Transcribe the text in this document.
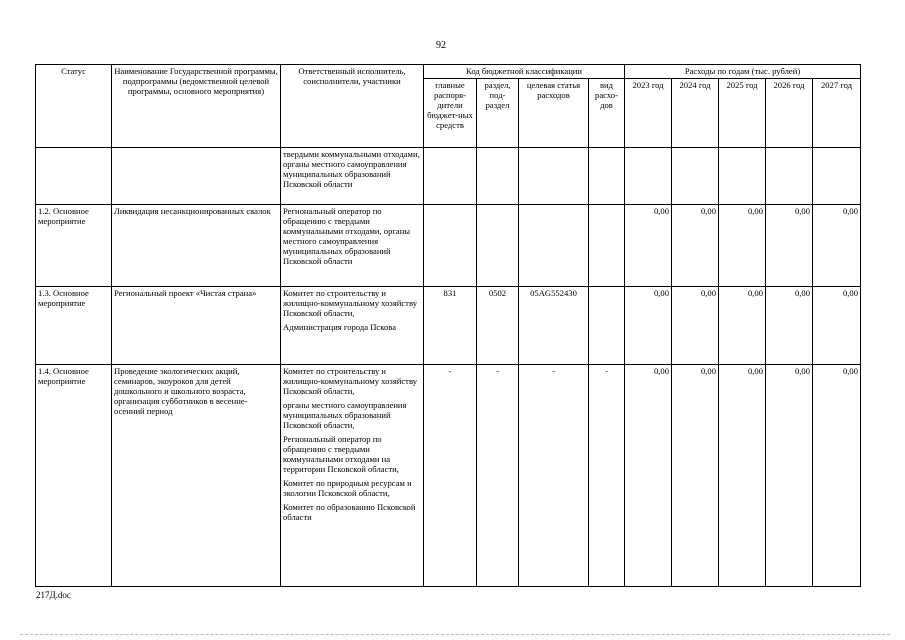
92
Статус	Наименование Государственной программы, подпрограммы (ведомственной целевой программы, основного мероприятия)	Ответственный исполнитель, соисполнители, участники	Код бюджетной классификации				Расходы по годам (тыс. рублей)				
			главные распоря-дители бюджет-ных средств	раздел, под-раздел	целевая статья расходов	вид расхо-дов	2023 год	2024 год	2025 год	2026 год	2027 год

		твердыми коммунальными отходами, органы местного самоуправления муниципальных образований Псковской области									

1.2. Основное мероприятие	Ликвидация несанкционированных свалок	Региональный оператор по обращению с твердыми коммунальными отходами, органы местного самоуправления муниципальных образований Псковской области					0,00	0,00	0,00	0,00	0,00
1.3. Основное мероприятие	Региональный проект «Чистая страна»	Комитет по строительству и жилищно-коммунальному хозяйству Псковской области,
Администрация города Пскова	831	0502	05AG552430		0,00	0,00	0,00	0,00	0,00
1.4. Основное мероприятие	Проведение экологических акций, семинаров, экоуроков для детей дошкольного и школьного возраста, организация субботников в весенне-осенний период	Комитет по строительству и жилищно-коммунальному хозяйству Псковской области,
органы местного самоуправления муниципальных образований Псковской области,
Региональный оператор по обращению с твердыми коммунальными отходами на территории Псковской области,
Комитет по природным ресурсам и экологии Псковской области,
Комитет по образованию Псковской области	-	-	-	-	0,00	0,00	0,00	0,00	0,00
217Д.doc
